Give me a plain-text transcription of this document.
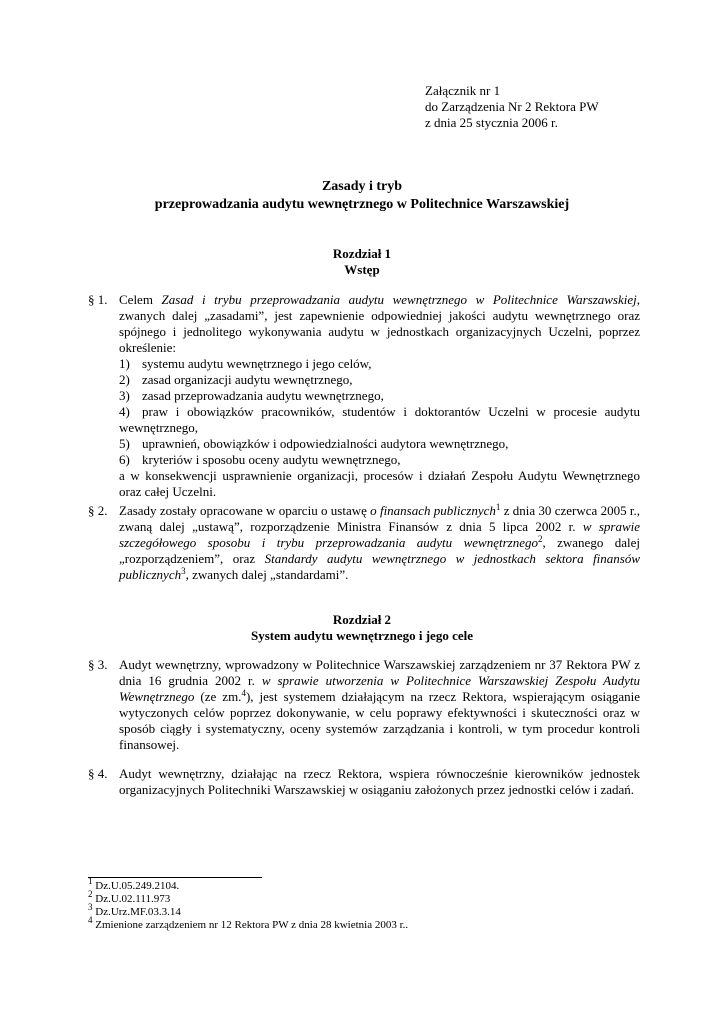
Załącznik nr 1
do Zarządzenia Nr 2 Rektora PW
z dnia 25 stycznia 2006 r.
Zasady i tryb
przeprowadzania audytu wewnętrznego w Politechnice Warszawskiej
Rozdział 1
Wstęp
§ 1. Celem Zasad i trybu przeprowadzania audytu wewnętrznego w Politechnice Warszawskiej, zwanych dalej „zasadami”, jest zapewnienie odpowiedniej jakości audytu wewnętrznego oraz spójnego i jednolitego wykonywania audytu w jednostkach organizacyjnych Uczelni, poprzez określenie:

1) systemu audytu wewnętrznego i jego celów,
2) zasad organizacji audytu wewnętrznego,
3) zasad przeprowadzania audytu wewnętrznego,
4) praw i obowiązków pracowników, studentów i doktorantów Uczelni w procesie audytu wewnętrznego,
5) uprawnień, obowiązków i odpowiedzialności audytora wewnętrznego,
6) kryteriów i sposobu oceny audytu wewnętrznego,

a w konsekwencji usprawnienie organizacji, procesów i działań Zespołu Audytu Wewnętrznego oraz całej Uczelni.

§ 2. Zasady zostały opracowane w oparciu o ustawę o finansach publicznych$^1$ z dnia 30 czerwca 2005 r., zwaną dalej „ustawą”, rozporządzenie Ministra Finansów z dnia 5 lipca 2002 r. w sprawie szczegółowego sposobu i trybu przeprowadzania audytu wewnętrznego$^2$, zwanego dalej „rozporządzeniem”, oraz Standardy audytu wewnętrznego w jednostkach sektora finansów publicznych$^3$, zwanych dalej „standardami”.

Rozdział 2
System audytu wewnętrznego i jego cele
§ 3. Audyt wewnętrzny, wprowadzony w Politechnice Warszawskiej zarządzeniem nr 37 Rektora PW z dnia 16 grudnia 2002 r. w sprawie utworzenia w Politechnice Warszawskiej Zespołu Audytu Wewnętrznego (ze zm.$^4$), jest systemem działającym na rzecz Rektora, wspierającym osiąganie wytyczonych celów poprzez dokonywanie, w celu poprawy efektywności i skuteczności oraz w sposób ciągły i systematyczny, oceny systemów zarządzania i kontroli, w tym procedur kontroli finansowej.

§ 4. Audyt wewnętrzny, działając na rzecz Rektora, wspiera równocześnie kierowników jednostek organizacyjnych Politechniki Warszawskiej w osiąganiu założonych przez jednostki celów i zadań.

$^1$ Dz.U.05.249.2104.
$^2$ Dz.U.02.111.973
$^3$ Dz.Urz.MF.03.3.14
$^4$ Zmienione zarządzeniem nr 12 Rektora PW z dnia 28 kwietnia 2003 r..
